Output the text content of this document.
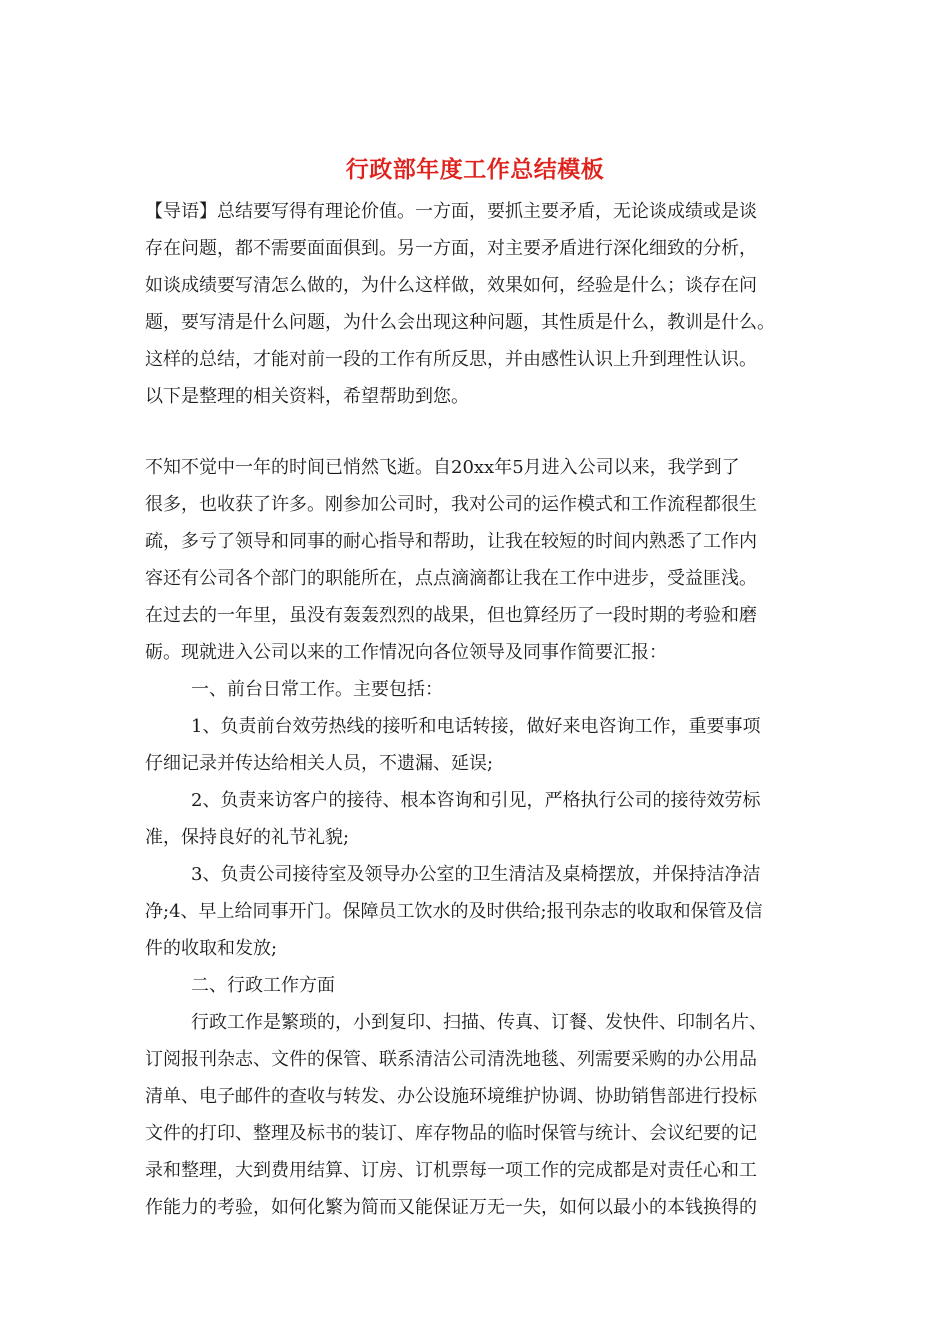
行政部年度工作总结模板
【导语】总结要写得有理论价值。一方面，要抓主要矛盾，无论谈成绩或是谈
存在问题，都不需要面面俱到。另一方面，对主要矛盾进行深化细致的分析，
如谈成绩要写清怎么做的，为什么这样做，效果如何，经验是什么；谈存在问
题，要写清是什么问题，为什么会出现这种问题，其性质是什么，教训是什么。
这样的总结，才能对前一段的工作有所反思，并由感性认识上升到理性认识。
以下是整理的相关资料，希望帮助到您。
不知不觉中一年的时间已悄然飞逝。自20xx年5月进入公司以来，我学到了
很多，也收获了许多。刚参加公司时，我对公司的运作模式和工作流程都很生
疏，多亏了领导和同事的耐心指导和帮助，让我在较短的时间内熟悉了工作内
容还有公司各个部门的职能所在，点点滴滴都让我在工作中进步，受益匪浅。
在过去的一年里，虽没有轰轰烈烈的战果，但也算经历了一段时期的考验和磨
砺。现就进入公司以来的工作情况向各位领导及同事作简要汇报：
一、前台日常工作。主要包括：
1、负责前台效劳热线的接听和电话转接，做好来电咨询工作，重要事项
仔细记录并传达给相关人员，不遗漏、延误;
2、负责来访客户的接待、根本咨询和引见，严格执行公司的接待效劳标
准，保持良好的礼节礼貌;
3、负责公司接待室及领导办公室的卫生清洁及桌椅摆放，并保持洁净洁
净;4、早上给同事开门。保障员工饮水的及时供给;报刊杂志的收取和保管及信
件的收取和发放;
二、行政工作方面
行政工作是繁琐的，小到复印、扫描、传真、订餐、发快件、印制名片、
订阅报刊杂志、文件的保管、联系清洁公司清洗地毯、列需要采购的办公用品
清单、电子邮件的查收与转发、办公设施环境维护协调、协助销售部进行投标
文件的打印、整理及标书的装订、库存物品的临时保管与统计、会议纪要的记
录和整理，大到费用结算、订房、订机票每一项工作的完成都是对责任心和工
作能力的考验，如何化繁为简而又能保证万无一失，如何以最小的本钱换得的
